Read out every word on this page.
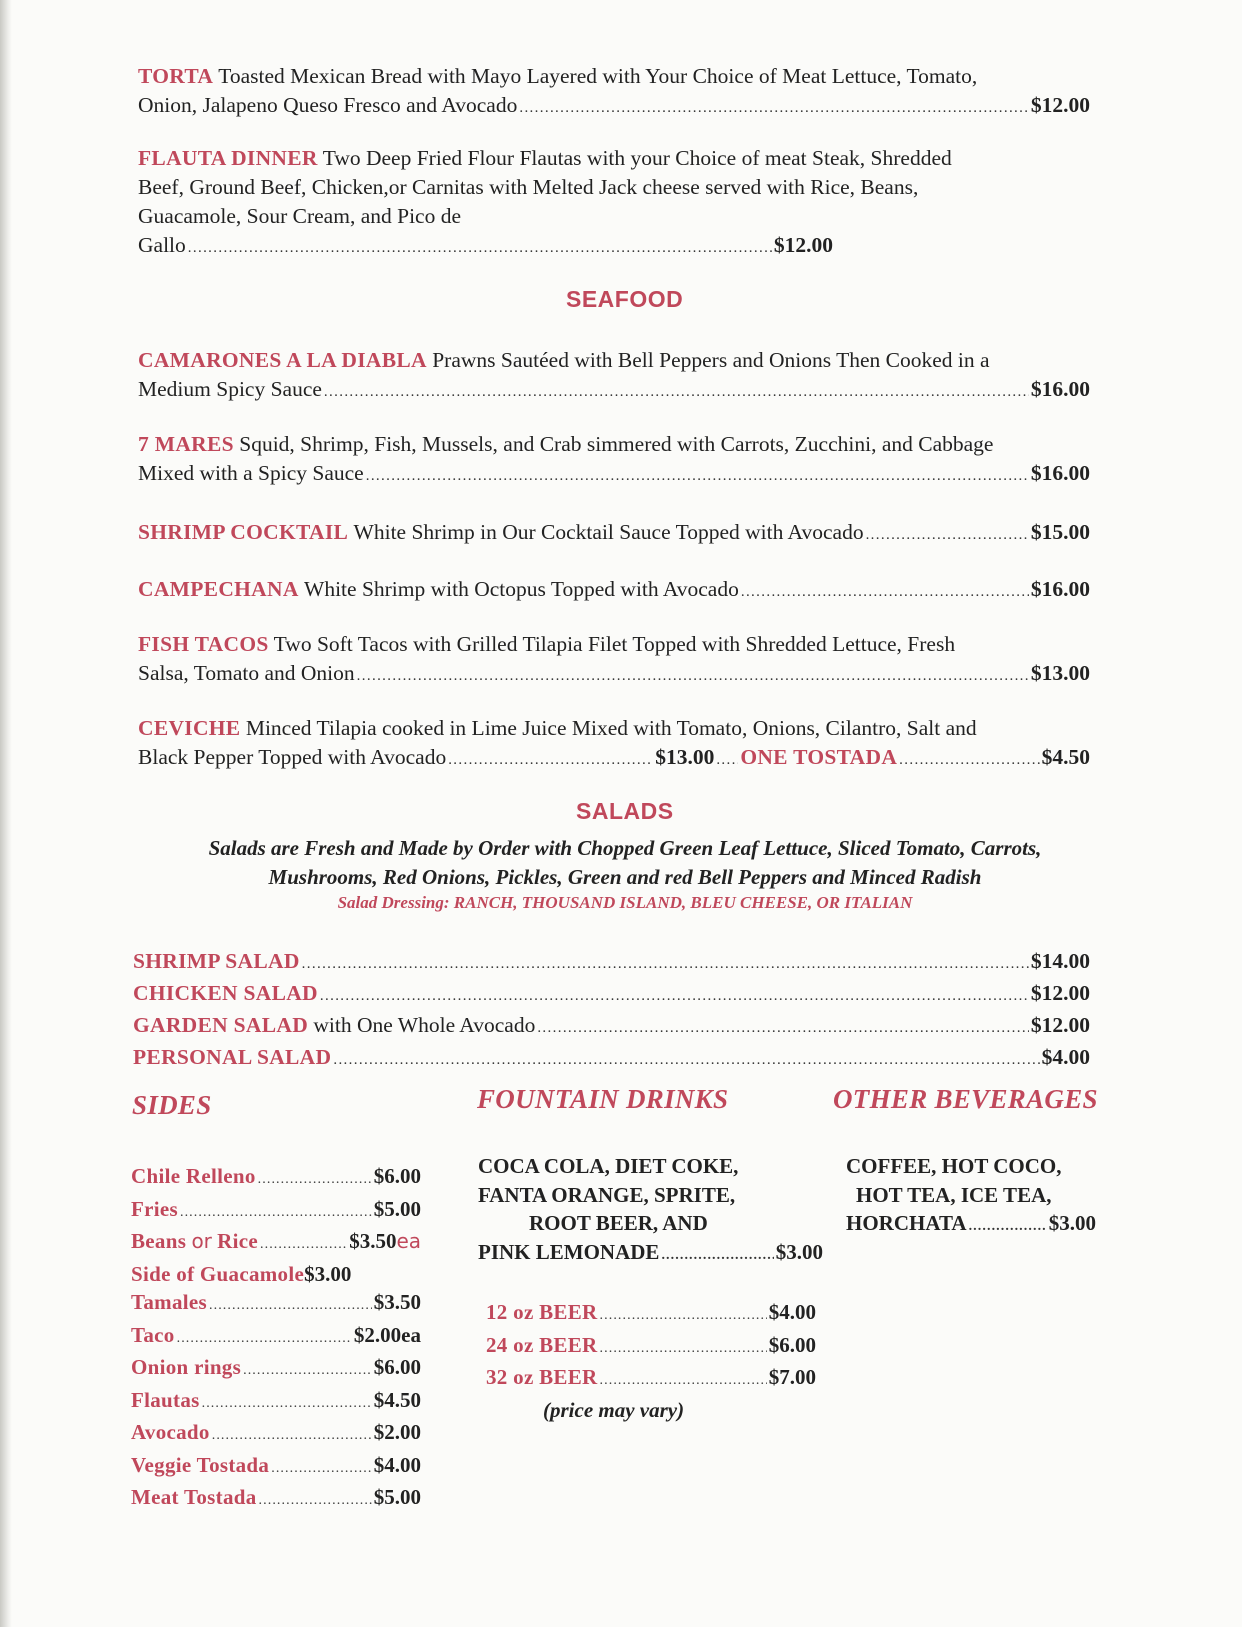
TORTA Toasted Mexican Bread with Mayo Layered with Your Choice of Meat Lettuce, Tomato,
Onion, Jalapeno Queso Fresco and Avocado . . .	$12.00
FLAUTA DINNER Two Deep Fried Flour Flautas with your Choice of meat Steak, Shredded
Beef, Ground Beef, Chicken,or Carnitas with Melted Jack cheese served with Rice, Beans,
Guacamole, Sour Cream, and Pico de
Gallo . . .	$12.00
SEAFOOD
CAMARONES A LA DIABLA Prawns Sautéed with Bell Peppers and Onions Then Cooked in a
Medium Spicy Sauce . . .	$16.00
7 MARES Squid, Shrimp, Fish, Mussels, and Crab simmered with Carrots, Zucchini, and Cabbage
Mixed with a Spicy Sauce . . .	$16.00
SHRIMP COCKTAIL
White Shrimp in Our Cocktail Sauce Topped with Avocado . . .	$15.00
CAMPECHANA
White Shrimp with Octopus Topped with Avocado . . .	$16.00
FISH TACOS Two Soft Tacos with Grilled Tilapia Filet Topped with Shredded Lettuce, Fresh
Salsa, Tomato and Onion . . .	$13.00
CEVICHE Minced Tilapia cooked in Lime Juice Mixed with Tomato, Onions, Cilantro, Salt and
Black Pepper Topped with Avocado . . .	$13.00 . . . ONE TOSTADA . . .	$4.50
SALADS
Salads are Fresh and Made by Order with Chopped Green Leaf Lettuce, Sliced Tomato, Carrots,
Mushrooms, Red Onions, Pickles, Green and red Bell Peppers and Minced Radish
Salad Dressing: RANCH, THOUSAND ISLAND, BLEU CHEESE, OR ITALIAN
SHRIMP SALAD . . .	$14.00
CHICKEN SALAD . . .	$12.00
GARDEN SALAD
with One Whole Avocado . . .	$12.00
PERSONAL SALAD . . .	$4.00
SIDES	FOUNTAIN DRINKS	OTHER BEVERAGES
Chile Relleno . . .	$6.00
Fries . . .	$5.00
Beans
or
Rice . . .	$3.50 ea
Side of Guacamole $3.00
Tamales . . .	$3.50
Taco . . .	$2.00ea
Onion rings . . .	$6.00
Flautas . . .	$4.50
Avocado . . .	$2.00
Veggie Tostada . . .	$4.00
Meat Tostada . . .	$5.00
COCA COLA, DIET COKE,
FANTA ORANGE, SPRITE,
ROOT BEER, AND
PINK LEMONADE . . .	$3.00
12 oz BEER . . .	$4.00
24 oz BEER . . .	$6.00
32 oz BEER . . .	$7.00
(price may vary)
COFFEE, HOT COCO,
HOT TEA, ICE TEA,
HORCHATA . . .	$3.00
